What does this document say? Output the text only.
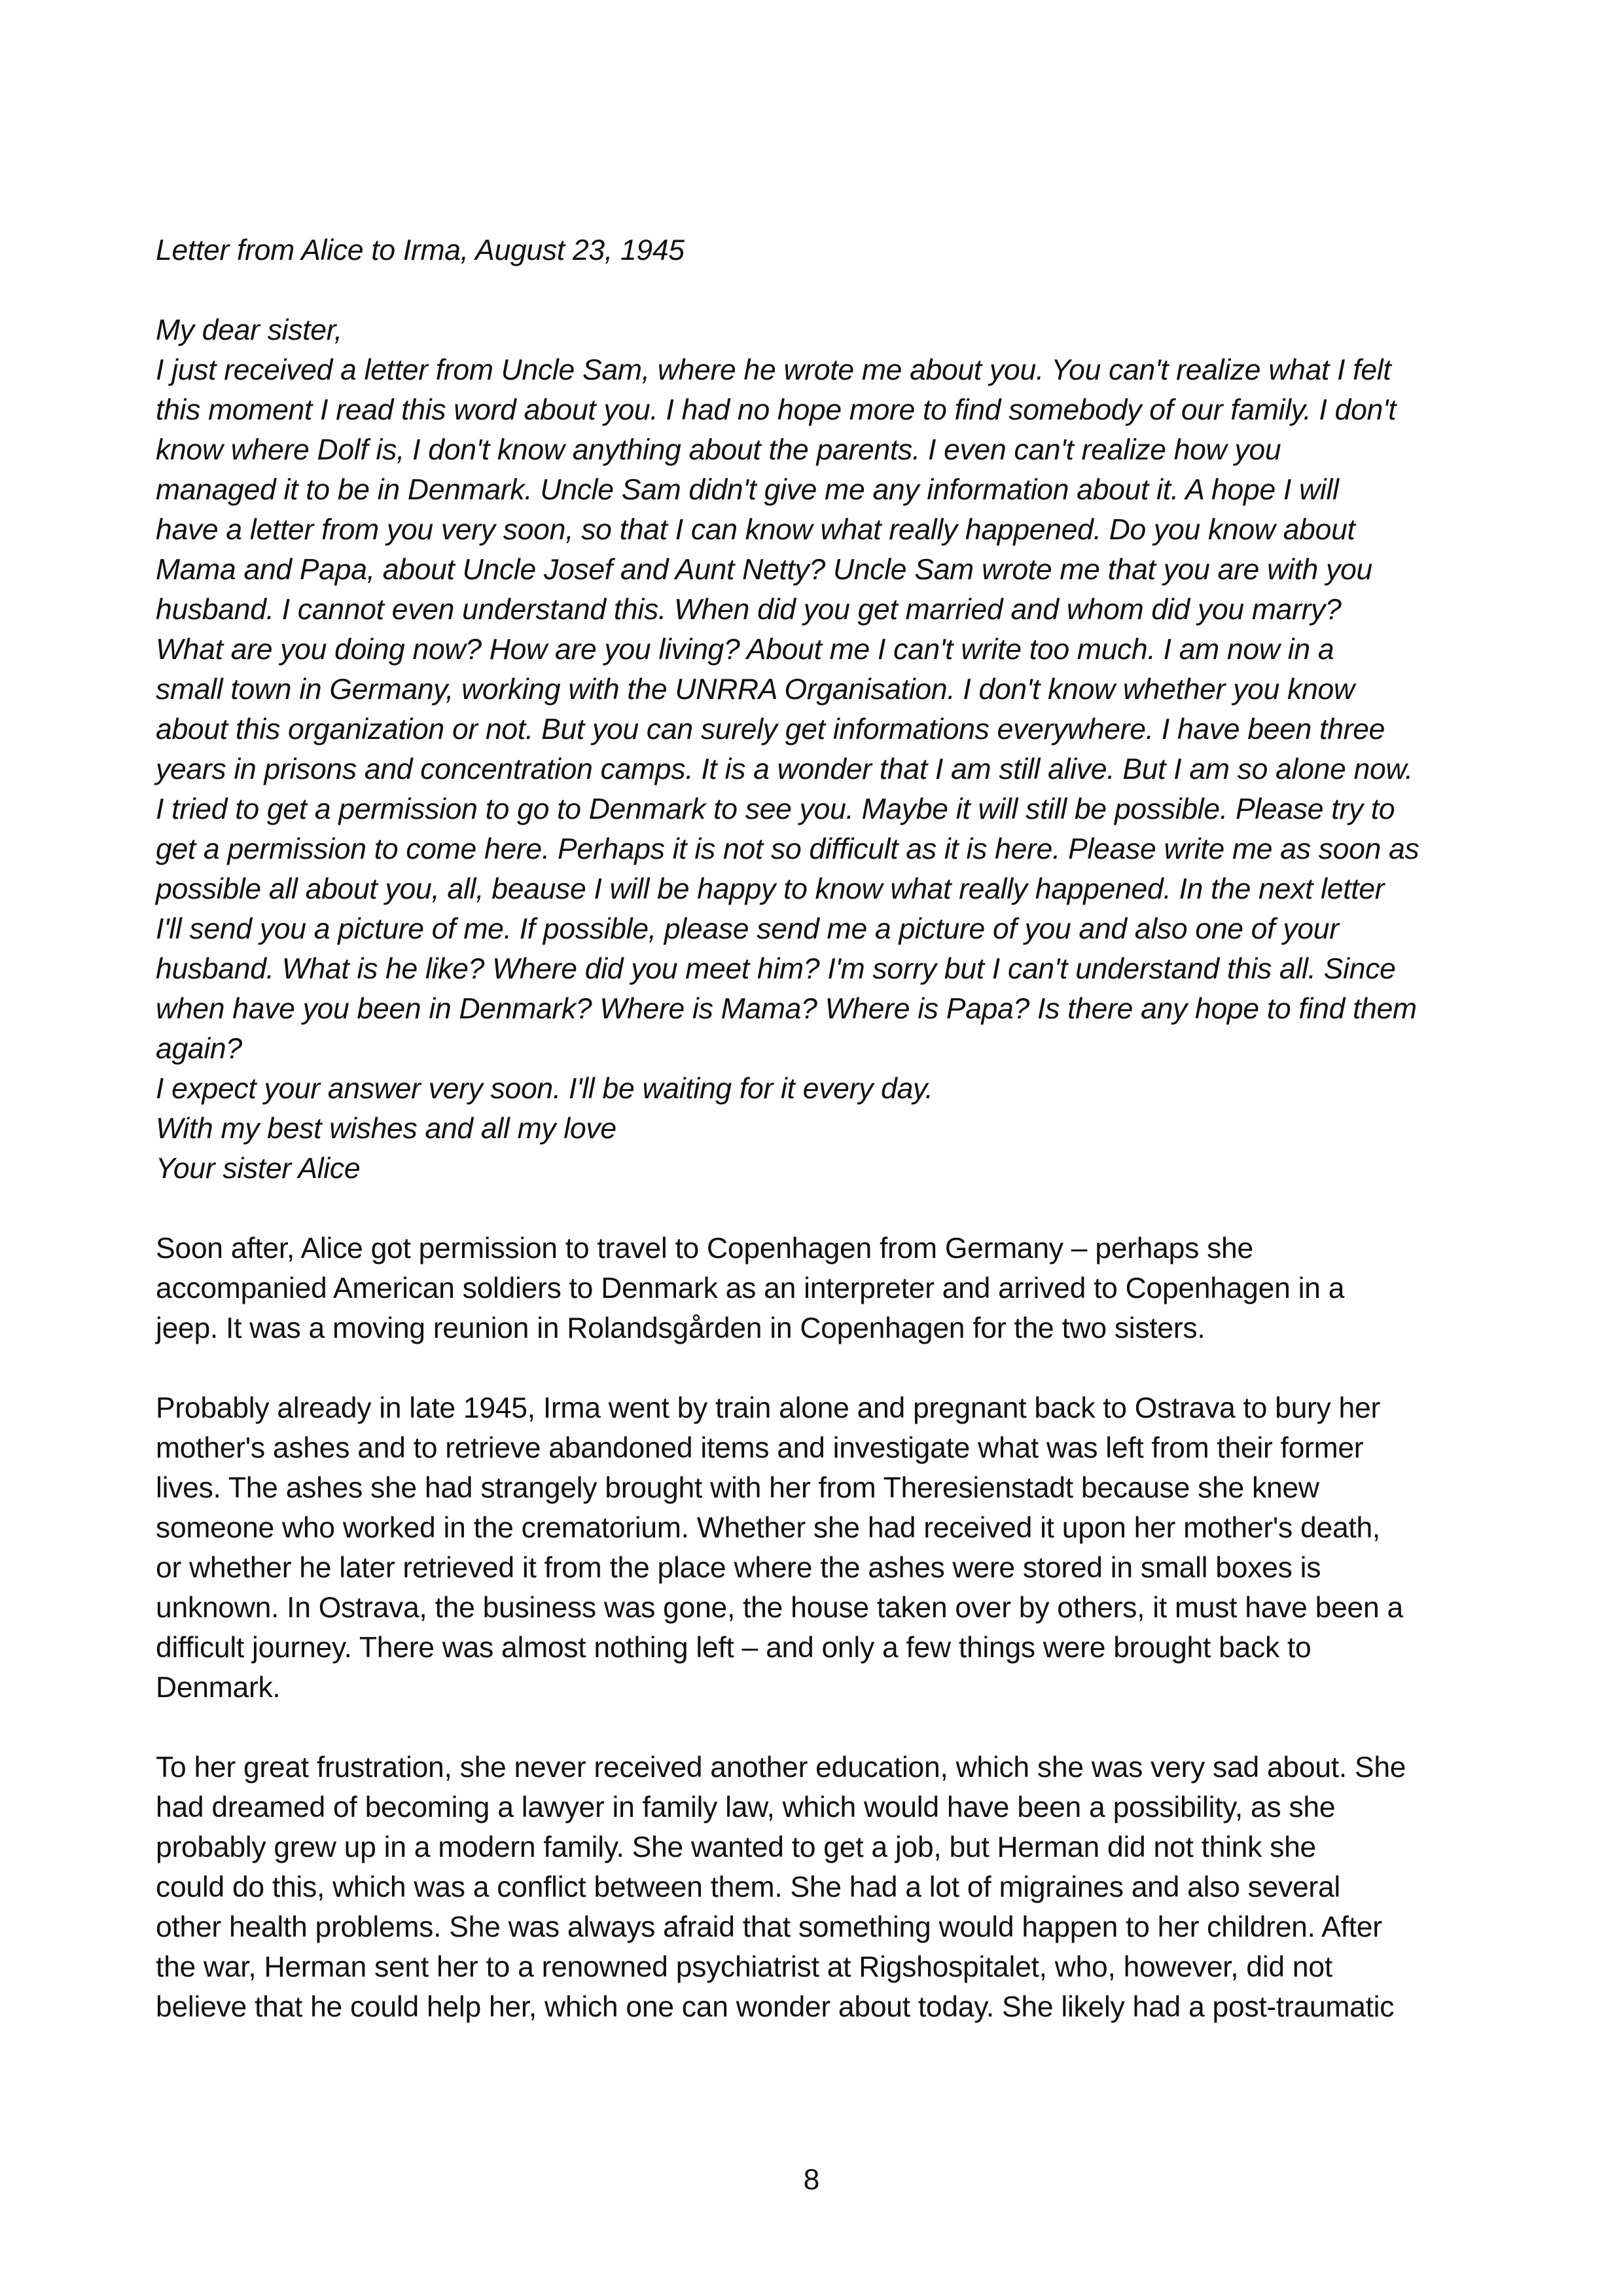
Letter from Alice to Irma, August 23, 1945
My dear sister,
I just received a letter from Uncle Sam, where he wrote me about you. You can't realize what I felt
this moment I read this word about you. I had no hope more to find somebody of our family. I don't
know where Dolf is, I don't know anything about the parents. I even can't realize how you
managed it to be in Denmark. Uncle Sam didn't give me any information about it. A hope I will
have a letter from you very soon, so that I can know what really happened. Do you know about
Mama and Papa, about Uncle Josef and Aunt Netty? Uncle Sam wrote me that you are with you
husband. I cannot even understand this. When did you get married and whom did you marry?
What are you doing now? How are you living? About me I can't write too much. I am now in a
small town in Germany, working with the UNRRA Organisation. I don't know whether you know
about this organization or not. But you can surely get informations everywhere. I have been three
years in prisons and concentration camps. It is a wonder that I am still alive. But I am so alone now.
I tried to get a permission to go to Denmark to see you. Maybe it will still be possible. Please try to
get a permission to come here. Perhaps it is not so difficult as it is here. Please write me as soon as
possible all about you, all, beause I will be happy to know what really happened. In the next letter
I'll send you a picture of me. If possible, please send me a picture of you and also one of your
husband. What is he like? Where did you meet him? I'm sorry but I can't understand this all. Since
when have you been in Denmark? Where is Mama? Where is Papa? Is there any hope to find them
again?
I expect your answer very soon. I'll be waiting for it every day.
With my best wishes and all my love
Your sister Alice
Soon after, Alice got permission to travel to Copenhagen from Germany – perhaps she
accompanied American soldiers to Denmark as an interpreter and arrived to Copenhagen in a
jeep. It was a moving reunion in Rolandsgården in Copenhagen for the two sisters.
Probably already in late 1945, Irma went by train alone and pregnant back to Ostrava to bury her
mother's ashes and to retrieve abandoned items and investigate what was left from their former
lives. The ashes she had strangely brought with her from Theresienstadt because she knew
someone who worked in the crematorium. Whether she had received it upon her mother's death,
or whether he later retrieved it from the place where the ashes were stored in small boxes is
unknown. In Ostrava, the business was gone, the house taken over by others, it must have been a
difficult journey. There was almost nothing left – and only a few things were brought back to
Denmark.
To her great frustration, she never received another education, which she was very sad about. She
had dreamed of becoming a lawyer in family law, which would have been a possibility, as she
probably grew up in a modern family. She wanted to get a job, but Herman did not think she
could do this, which was a conflict between them. She had a lot of migraines and also several
other health problems. She was always afraid that something would happen to her children. After
the war, Herman sent her to a renowned psychiatrist at Rigshospitalet, who, however, did not
believe that he could help her, which one can wonder about today. She likely had a post-traumatic
8
